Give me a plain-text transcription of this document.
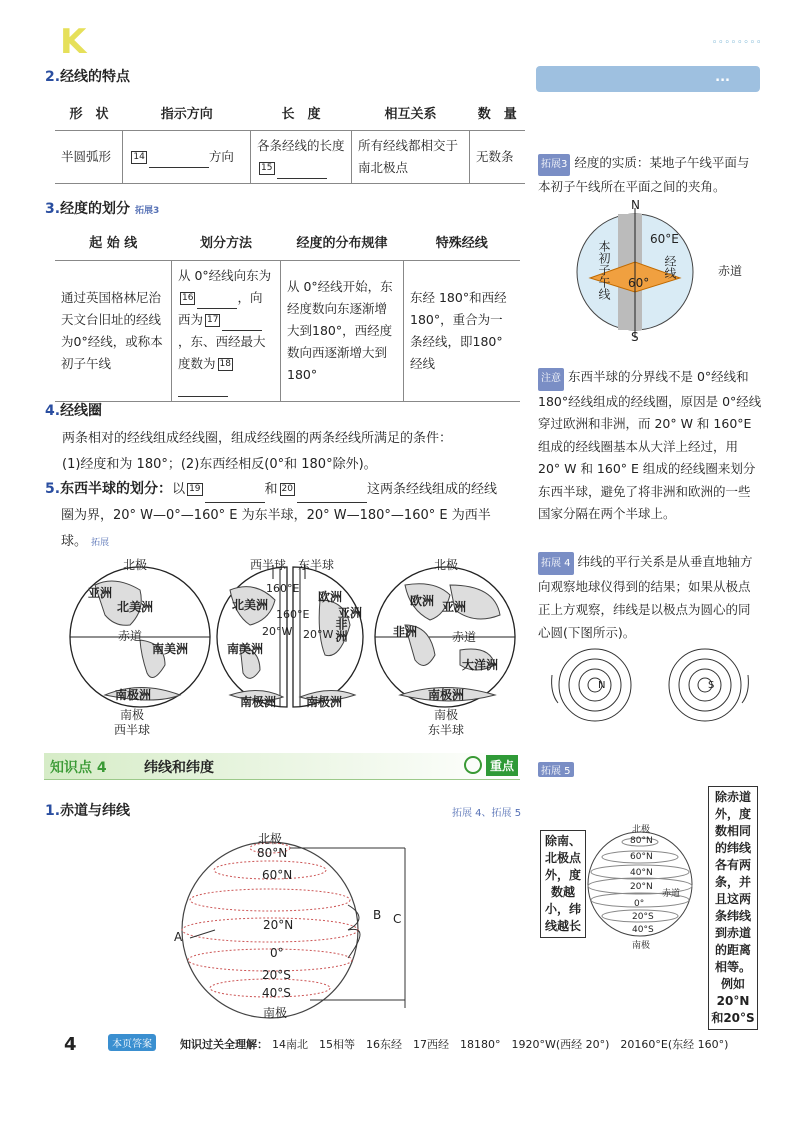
K	◦◦◦◦◦◦◦◦
...
2.经线的特点
形　状	指示方向	长　度	相互关系	数　量
半圆弧形	14 方向	各条经线的长度15	所有经线都相交于南北极点	无数条
3.经度的划分 拓展3
起 始 线	划分方法	经度的分布规律	特殊经线
通过英国格林尼治天文台旧址的经线为0°经线，或称本初子午线	从 0°经线向东为16 ，向西为 17，东、西经最大度数为 18	从 0°经线开始，东经度数向东逐渐增大到180°，西经度数向西逐渐增大到180°	东经 180°和西经 180°，重合为一条经线，即180°经线
4.经线圈
两条相对的经线组成经线圈，组成经线圈的两条经线所满足的条件：
(1)经度和为 180°；(2)东西经相反(0°和 180°除外)。
5.东西半球的划分：以 19	和 20	这两条经线组成的经线
圈为界，20° W—0°—160° E 为东半球，20° W—180°—160° E 为西半
球。 拓展
北极
亚洲
北美洲
赤道
南美洲
南极洲
南极
西半球
西半球 东半球
160°E
160°E
20°W 20°W
北美洲
欧洲
亚洲
非洲
南美洲
南极洲 南极洲
北极
欧洲 亚洲
非洲	赤道
大洋洲
南极洲
南极
东半球
知识点 4	纬线和纬度	重点
1.赤道与纬线	拓展 4、拓展 5
北极
80°N
60°N
20°N
0°
20°S
40°S
南极
A
B C
拓展3 经度的实质：某地子午线平面与本初子午线所在平面之间的夹角。
N
S
60°E
60°
本初子午线	经线	赤道
注意 东西半球的分界线不是 0°经线和 180°经线组成的经线圈，原因是 0°经线穿过欧洲和非洲，而 20° W 和 160°E 组成的经线圈基本从大洋上经过，用 20° W 和 160° E 组成的经线圈来划分东西半球，避免了将非洲和欧洲的一些国家分隔在两个半球上。
拓展 4 纬线的平行关系是从垂直地轴方向观察地球仪得到的结果；如果从极点正上方观察，纬线是以极点为圆心的同心圆(下图所示)。
N	S
拓展 5
除南、北极点外，度数越小，纬线越长
除赤道外，度数相同的纬线各有两条，并且这两条纬线到赤道的距离相等。例如20°N和20°S
北极
80°N
60°N
40°N
20°N
赤道
0°
20°S
40°S
南极
4	本页答案	知识过关全理解： 14南北　15相等　16东经　17西经　18180°　1920°W(西经 20°)　20160°E(东经 160°)
